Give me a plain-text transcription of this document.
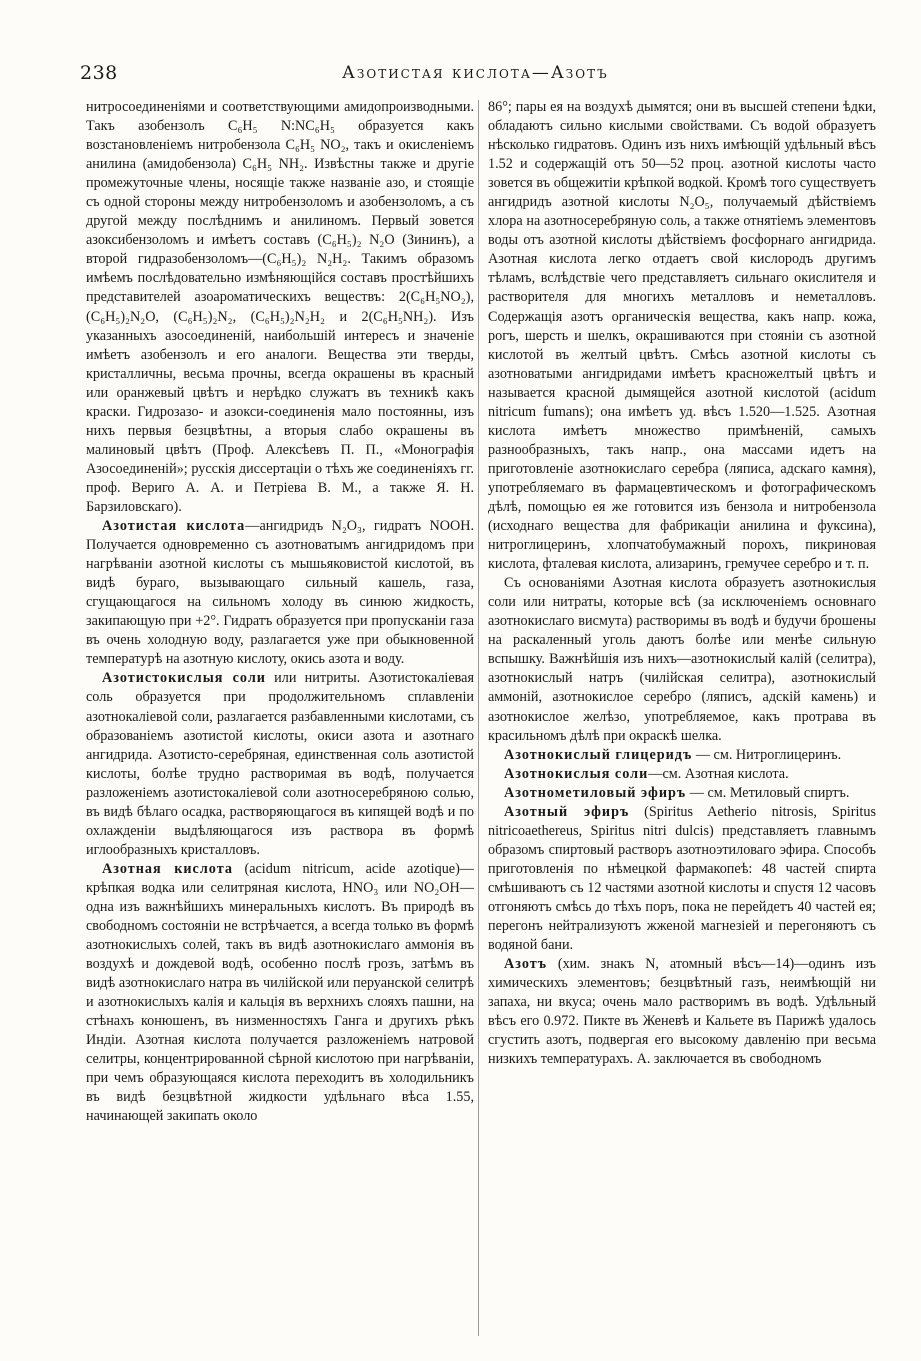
238	Азотистая кислота—Азотъ

нитросоединеніями и соответствующими амидопроизводными. Такъ азобензолъ C₆H₅ N:NC₆H₅ образуется какъ возстановленіемъ нитробензола C₆H₅ NO₂, такъ и окисленіемъ анилина (амидобензола) C₆H₅ NH₂. Извѣстны также и другіе промежуточные члены, носящіе также названіе азо, и стоящіе съ одной стороны между нитробензоломъ и азобензоломъ, а съ другой между послѣднимъ и анилиномъ. Первый зовется азоксибензоломъ и имѣетъ составъ (C₆H₅)₂ N₂O (Зининъ), а второй гидразобензоломъ—(C₆H₅)₂ N₂H₂. Такимъ образомъ имѣемъ послѣдовательно измѣняющійся составъ простѣйшихъ представителей азоароматическихъ веществъ: 2(C₆H₅NO₂), (C₆H₅)₂N₂O, (C₆H₅)₂N₂, (C₆H₅)₂N₂H₂ и 2(C₆H₅NH₂). Изъ указанныхъ азосоединеній, наибольшій интересъ и значеніе имѣетъ азобензолъ и его аналоги. Вещества эти тверды, кристалличны, весьма прочны, всегда окрашены въ красный или оранжевый цвѣтъ и нерѣдко служатъ въ техникѣ какъ краски. Гидрозазо- и азокси-соединенія мало постоянны, изъ нихъ первыя безцвѣтны, а вторыя слабо окрашены въ малиновый цвѣтъ (Проф. Алексѣевъ П. П., «Монографія Азосоединеній»; русскія диссертаціи о тѣхъ же соединеніяхъ гг. проф. Вериго А. А. и Петріева В. М., а также Я. Н. Барзиловскаго).

Азотистая кислота—ангидридъ N₂O₃, гидратъ NOOH. Получается одновременно съ азотноватымъ ангидридомъ при нагрѣваніи азотной кислоты съ мышьяковистой кислотой, въ видѣ бураго, вызывающаго сильный кашель, газа, сгущающагося на сильномъ холоду въ синюю жидкость, закипающую при +2°. Гидратъ образуется при пропусканіи газа въ очень холодную воду, разлагается уже при обыкновенной температурѣ на азотную кислоту, окись азота и воду.

Азотистокислыя соли или нитриты. Азотистокаліевая соль образуется при продолжительномъ сплавленіи азотнокаліевой соли, разлагается разбавленными кислотами, съ образованіемъ азотистой кислоты, окиси азота и азотнаго ангидрида. Азотисто-серебряная, единственная соль азотистой кислоты, болѣе трудно растворимая въ водѣ, получается разложеніемъ азотистокаліевой соли азотносеребряною солью, въ видѣ бѣлаго осадка, растворяющагося въ кипящей водѣ и по охлажденіи выдѣляющагося изъ раствора въ формѣ иглообразныхъ кристалловъ.

Азотная кислота (acidum nitricum, acide azotique)—крѣпкая водка или селитряная кислота, HNO₃ или NO₂OH—одна изъ важнѣйшихъ минеральныхъ кислотъ. Въ природѣ въ свободномъ состояніи не встрѣчается, а всегда только въ формѣ азотнокислыхъ солей, такъ въ видѣ азотнокислаго аммонія въ воздухѣ и дождевой водѣ, особенно послѣ грозъ, затѣмъ въ видѣ азотнокислаго натра въ чилійской или перуанской селитрѣ и азотнокислыхъ калія и кальція въ верхнихъ слояхъ пашни, на стѣнахъ конюшенъ, въ низменностяхъ Ганга и другихъ рѣкъ Индіи. Азотная кислота получается разложеніемъ натровой селитры, концентрированной сѣрной кислотою при нагрѣваніи, при чемъ образующаяся кислота переходитъ въ холодильникъ въ видѣ безцвѣтной жидкости удѣльнаго вѣса 1.55, начинающей закипать около

86°; пары ея на воздухѣ дымятся; они въ высшей степени ѣдки, обладаютъ сильно кислыми свойствами. Съ водой образуетъ нѣсколько гидратовъ. Одинъ изъ нихъ имѣющій удѣльный вѣсъ 1.52 и содержащій отъ 50—52 проц. азотной кислоты часто зовется въ общежитіи крѣпкой водкой. Кромѣ того существуетъ ангидридъ азотной кислоты N₂O₅, получаемый дѣйствіемъ хлора на азотносеребряную соль, а также отнятіемъ элементовъ воды отъ азотной кислоты дѣйствіемъ фосфорнаго ангидрида. Азотная кислота легко отдаетъ свой кислородъ другимъ тѣламъ, вслѣдствіе чего представляетъ сильнаго окислителя и растворителя для многихъ металловъ и неметалловъ. Содержащія азотъ органическія вещества, какъ напр. кожа, рогъ, шерсть и шелкъ, окрашиваются при стояніи съ азотной кислотой въ желтый цвѣтъ. Смѣсь азотной кислоты съ азотноватыми ангидридами имѣетъ красножелтый цвѣтъ и называется красной дымящейся азотной кислотой (acidum nitricum fumans); она имѣетъ уд. вѣсъ 1.520—1.525. Азотная кислота имѣетъ множество примѣненій, самыхъ разнообразныхъ, такъ напр., она массами идетъ на приготовленіе азотнокислаго серебра (ляписа, адскаго камня), употребляемаго въ фармацевтическомъ и фотографическомъ дѣлѣ, помощью ея же готовится изъ бензола и нитробензола (исходнаго вещества для фабрикаціи анилина и фуксина), нитроглицеринъ, хлопчатобумажный порохъ, пикриновая кислота, фталевая кислота, ализаринъ, гремучее серебро и т. п.

Съ основаніями Азотная кислота образуетъ азотнокислыя соли или нитраты, которые всѣ (за исключеніемъ основнаго азотнокислаго висмута) растворимы въ водѣ и будучи брошены на раскаленный уголь даютъ болѣе или менѣе сильную вспышку. Важнѣйшія изъ нихъ—азотнокислый калій (селитра), азотнокислый натръ (чилійская селитра), азотнокислый аммоній, азотнокислое серебро (ляписъ, адскій камень) и азотнокислое желѣзо, употребляемое, какъ протрава въ красильномъ дѣлѣ при окраскѣ шелка.

Азотнокислый глицеридъ — см. Нитроглицеринъ.

Азотнокислыя соли—см. Азотная кислота.

Азотнометиловый эфиръ — см. Метиловый спиртъ.

Азотный эфиръ (Spiritus Aetherio nitrosis, Spiritus nitricoaethereus, Spiritus nitri dulcis) представляетъ главнымъ образомъ спиртовый растворъ азотноэтиловаго эфира. Способъ приготовленія по нѣмецкой фармакопеѣ: 48 частей спирта смѣшиваютъ съ 12 частями азотной кислоты и спустя 12 часовъ отгоняютъ смѣсь до тѣхъ поръ, пока не перейдетъ 40 частей ея; перегонъ нейтрализуютъ жженой магнезіей и перегоняютъ съ водяной бани.

Азотъ (хим. знакъ N, атомный вѣсъ—14)—одинъ изъ химическихъ элементовъ; безцвѣтный газъ, неимѣющій ни запаха, ни вкуса; очень мало растворимъ въ водѣ. Удѣльный вѣсъ его 0.972. Пикте въ Женевѣ и Кальете въ Парижѣ удалось сгустить азотъ, подвергая его высокому давленію при весьма низкихъ температурахъ. А. заключается въ свободномъ
